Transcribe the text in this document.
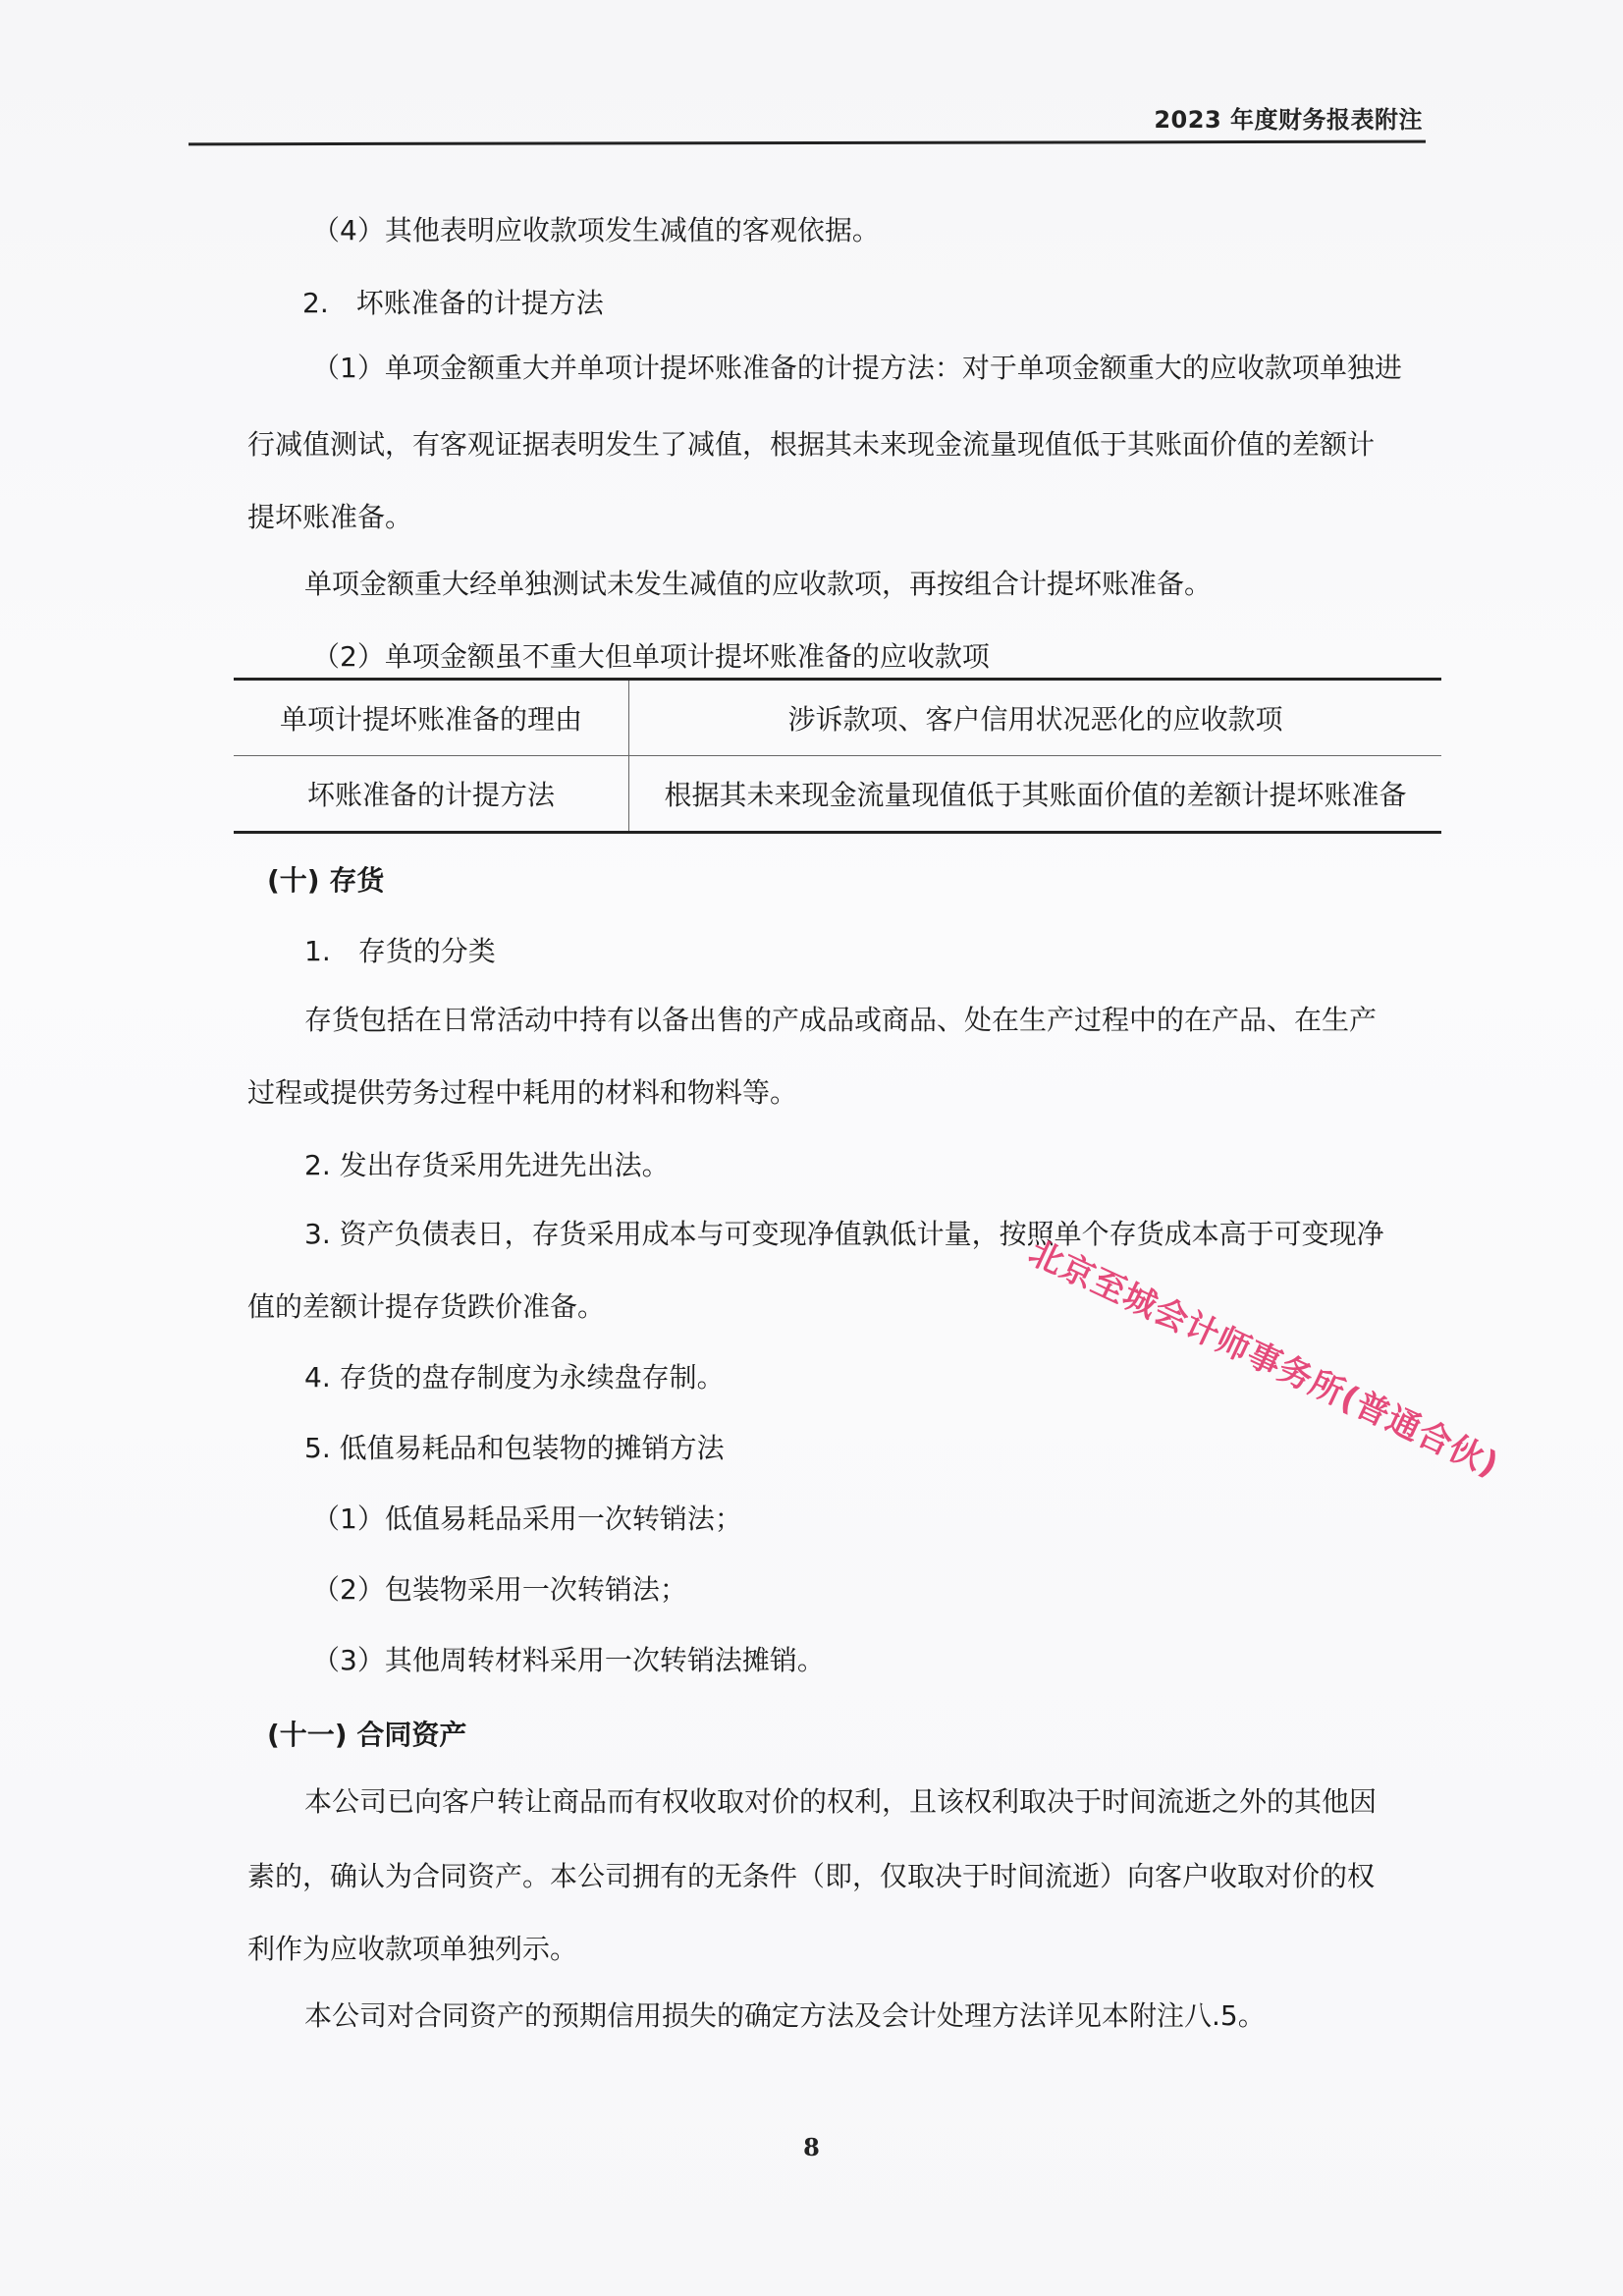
2023 年度财务报表附注
（4）其他表明应收款项发生减值的客观依据。
2.　坏账准备的计提方法
（1）单项金额重大并单项计提坏账准备的计提方法：对于单项金额重大的应收款项单独进
行减值测试，有客观证据表明发生了减值，根据其未来现金流量现值低于其账面价值的差额计
提坏账准备。
单项金额重大经单独测试未发生减值的应收款项，再按组合计提坏账准备。
（2）单项金额虽不重大但单项计提坏账准备的应收款项
单项计提坏账准备的理由	涉诉款项、客户信用状况恶化的应收款项
坏账准备的计提方法	根据其未来现金流量现值低于其账面价值的差额计提坏账准备
(十) 存货
1.　存货的分类
存货包括在日常活动中持有以备出售的产成品或商品、处在生产过程中的在产品、在生产
过程或提供劳务过程中耗用的材料和物料等。
2. 发出存货采用先进先出法。
3. 资产负债表日，存货采用成本与可变现净值孰低计量，按照单个存货成本高于可变现净
值的差额计提存货跌价准备。
4. 存货的盘存制度为永续盘存制。
5. 低值易耗品和包装物的摊销方法
（1）低值易耗品采用一次转销法；
（2）包装物采用一次转销法；
（3）其他周转材料采用一次转销法摊销。
(十一) 合同资产
本公司已向客户转让商品而有权收取对价的权利，且该权利取决于时间流逝之外的其他因
素的，确认为合同资产。本公司拥有的无条件（即，仅取决于时间流逝）向客户收取对价的权
利作为应收款项单独列示。
本公司对合同资产的预期信用损失的确定方法及会计处理方法详见本附注八.5。
北京至城会计师事务所(普通合伙)
8
